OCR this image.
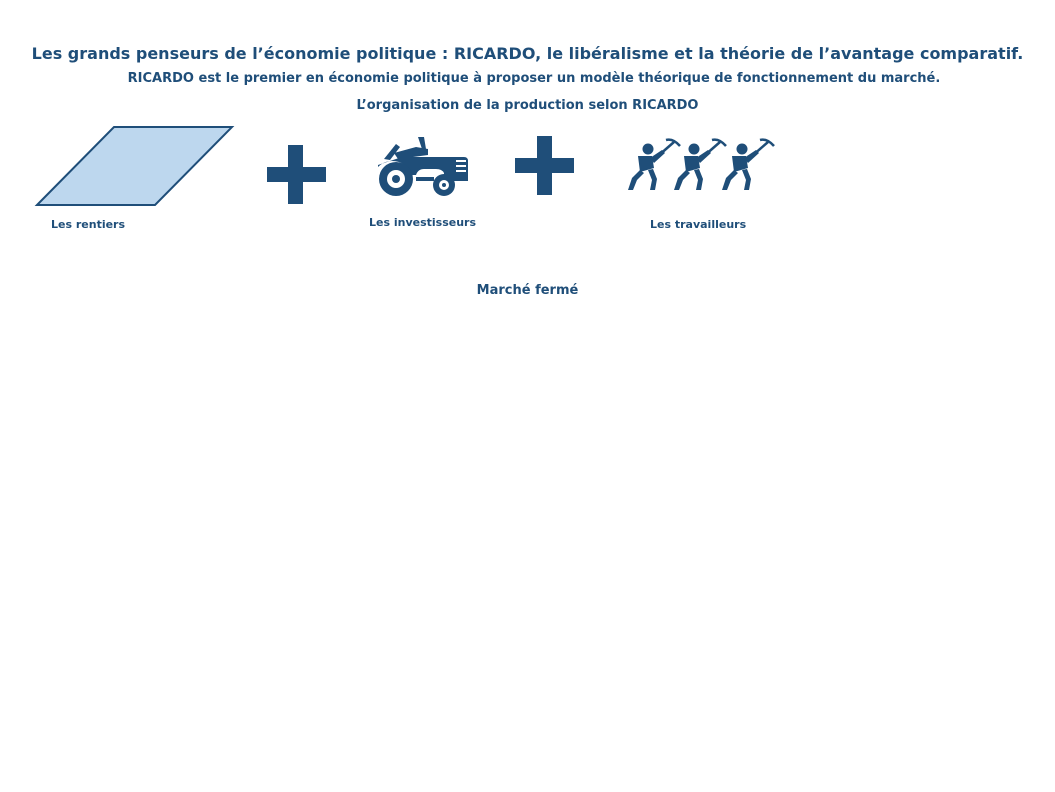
Les grands penseurs de l’économie politique : RICARDO, le libéralisme et la théorie de l’avantage comparatif.
RICARDO est le premier en économie politique à proposer un modèle théorique de fonctionnement du marché.
L’organisation de la production selon RICARDO
Les rentiers	Les investisseurs	Les travailleurs
Marché fermé
